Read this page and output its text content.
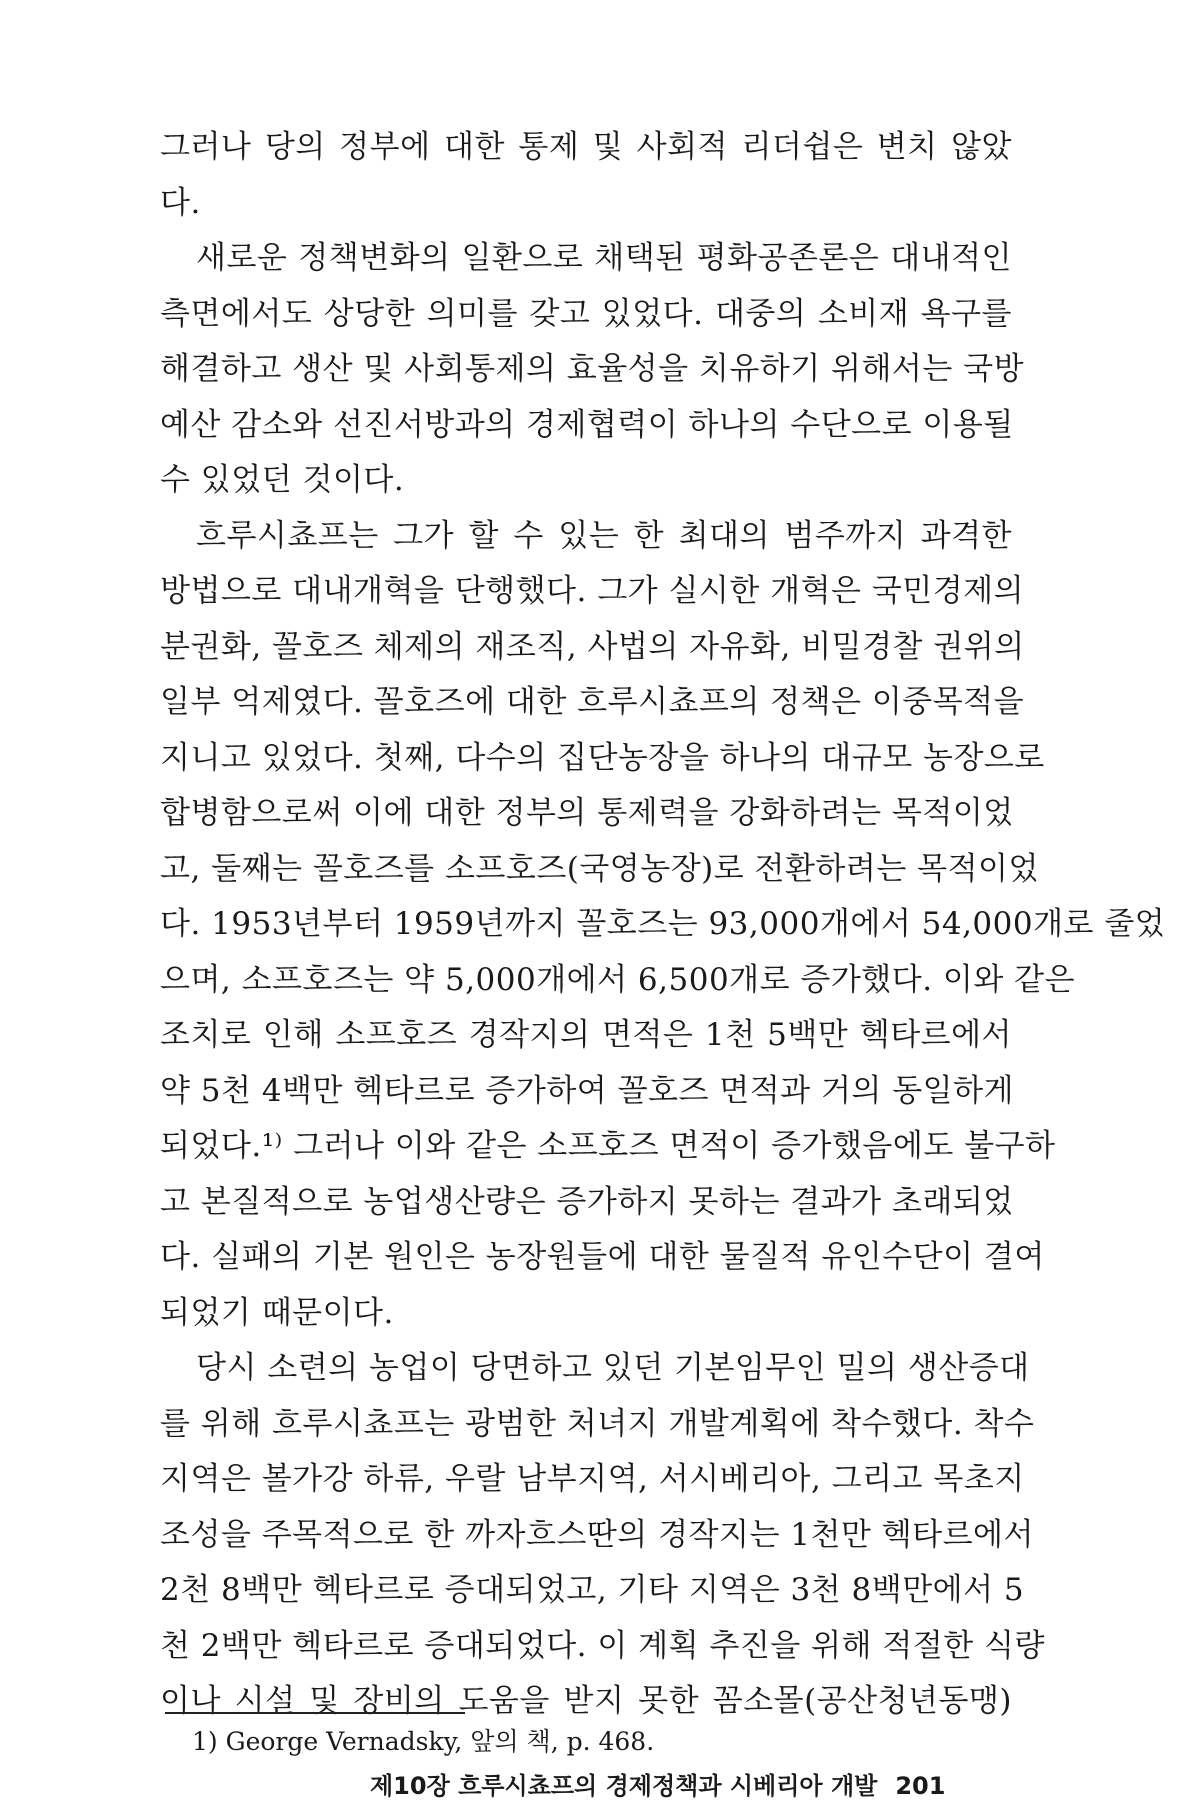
그러나 당의 정부에 대한 통제 및 사회적 리더쉽은 변치 않았
다.
새로운 정책변화의 일환으로 채택된 평화공존론은 대내적인
측면에서도 상당한 의미를 갖고 있었다. 대중의 소비재 욕구를
해결하고 생산 및 사회통제의 효율성을 치유하기 위해서는 국방
예산 감소와 선진서방과의 경제협력이 하나의 수단으로 이용될
수 있었던 것이다.
흐루시쵸프는 그가 할 수 있는 한 최대의 범주까지 과격한
방법으로 대내개혁을 단행했다. 그가 실시한 개혁은 국민경제의
분권화, 꼴호즈 체제의 재조직, 사법의 자유화, 비밀경찰 권위의
일부 억제였다. 꼴호즈에 대한 흐루시쵸프의 정책은 이중목적을
지니고 있었다. 첫째, 다수의 집단농장을 하나의 대규모 농장으로
합병함으로써 이에 대한 정부의 통제력을 강화하려는 목적이었
고, 둘째는 꼴호즈를 소프호즈(국영농장)로 전환하려는 목적이었
다. 1953년부터 1959년까지 꼴호즈는 93,000개에서 54,000개로 줄었
으며, 소프호즈는 약 5,000개에서 6,500개로 증가했다. 이와 같은
조치로 인해 소프호즈 경작지의 면적은 1천 5백만 헥타르에서
약 5천 4백만 헥타르로 증가하여 꼴호즈 면적과 거의 동일하게
되었다.¹⁾ 그러나 이와 같은 소프호즈 면적이 증가했음에도 불구하
고 본질적으로 농업생산량은 증가하지 못하는 결과가 초래되었
다. 실패의 기본 원인은 농장원들에 대한 물질적 유인수단이 결여
되었기 때문이다.
당시 소련의 농업이 당면하고 있던 기본임무인 밀의 생산증대
를 위해 흐루시쵸프는 광범한 처녀지 개발계획에 착수했다. 착수
지역은 볼가강 하류, 우랄 남부지역, 서시베리아, 그리고 목초지
조성을 주목적으로 한 까자흐스딴의 경작지는 1천만 헥타르에서
2천 8백만 헥타르로 증대되었고, 기타 지역은 3천 8백만에서 5
천 2백만 헥타르로 증대되었다. 이 계획 추진을 위해 적절한 식량
이나 시설 및 장비의 도움을 받지 못한 꼼소몰(공산청년동맹)
1) George Vernadsky, 앞의 책, p. 468.
제10장 흐루시쵸프의 경제정책과 시베리아 개발 201
